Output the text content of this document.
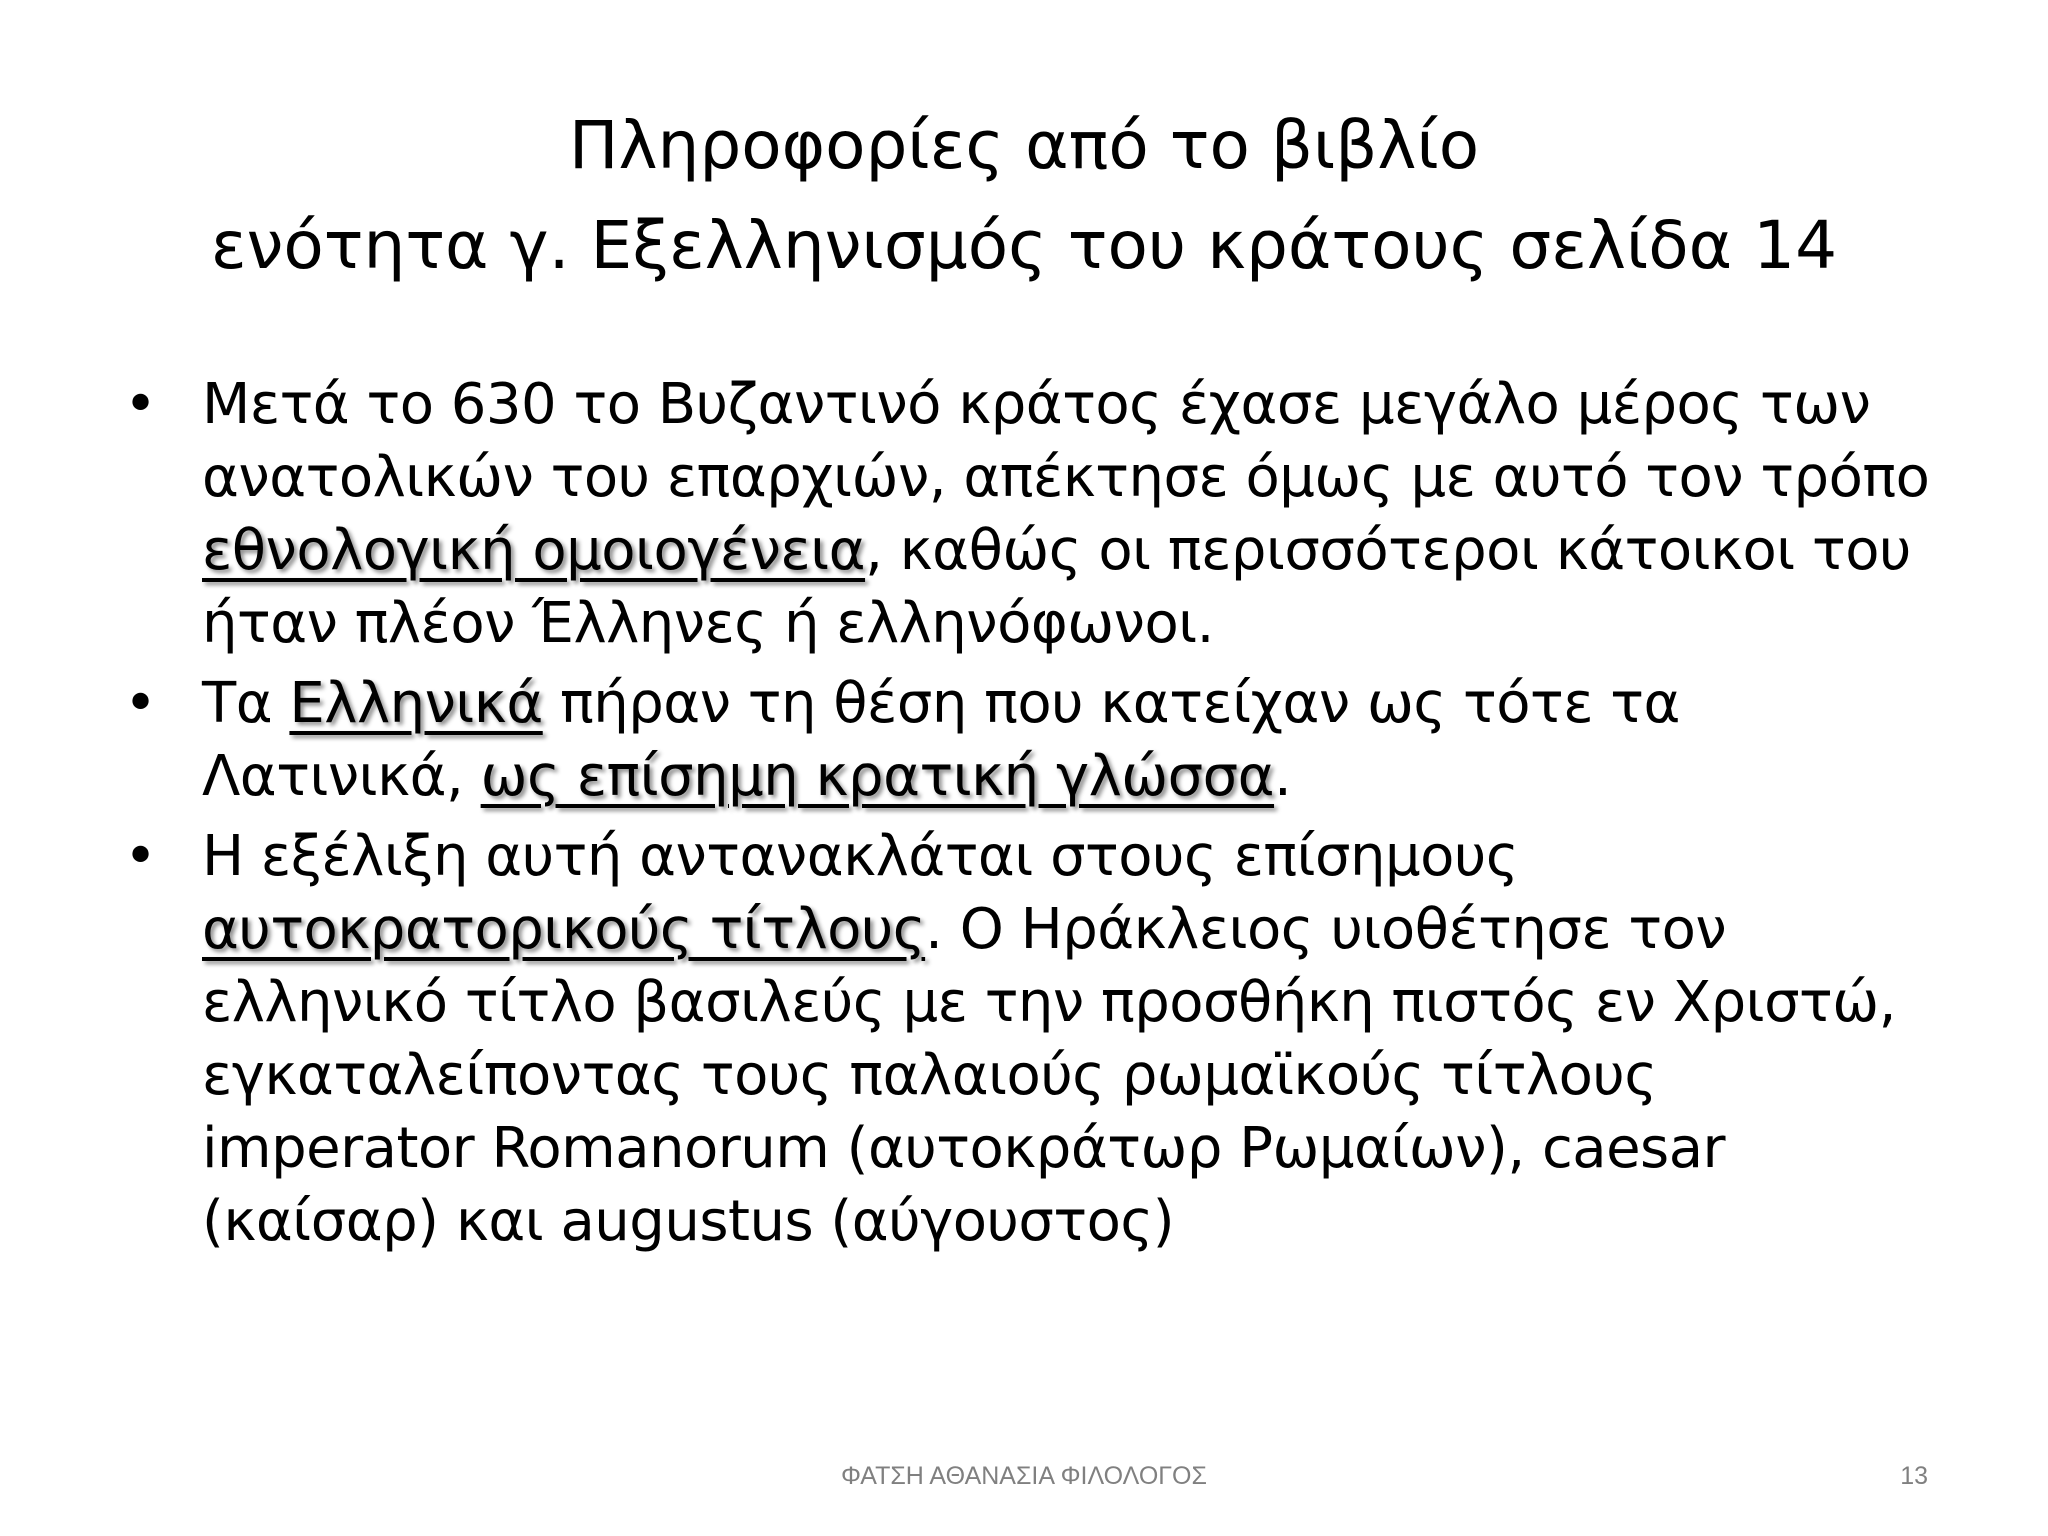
Πληροφορίες από το βιβλίο
ενότητα γ. Εξελληνισμός του κράτους σελίδα 14
• Μετά το 630 το Βυζαντινό κράτος έχασε μεγάλο μέρος των ανατολικών του επαρχιών, απέκτησε όμως με αυτό τον τρόπο εθνολογική ομοιογένεια, καθώς οι περισσότεροι κάτοικοι του ήταν πλέον Έλληνες ή ελληνόφωνοι.
• Τα Ελληνικά πήραν τη θέση που κατείχαν ως τότε τα Λατινικά, ως επίσημη κρατική γλώσσα.
• Η εξέλιξη αυτή αντανακλάται στους επίσημους αυτοκρατορικούς τίτλους. Ο Ηράκλειος υιοθέτησε τον ελληνικό τίτλο βασιλεύς με την προσθήκη πιστός εν Χριστώ, εγκαταλείποντας τους παλαιούς ρωμαϊκούς τίτλους imperator Romanorum (αυτοκράτωρ Ρωμαίων), caesar (καίσαρ) και augustus (αύγουστος)
ΦΑΤΣΗ ΑΘΑΝΑΣΙΑ ΦΙΛΟΛΟΓΟΣ	13
